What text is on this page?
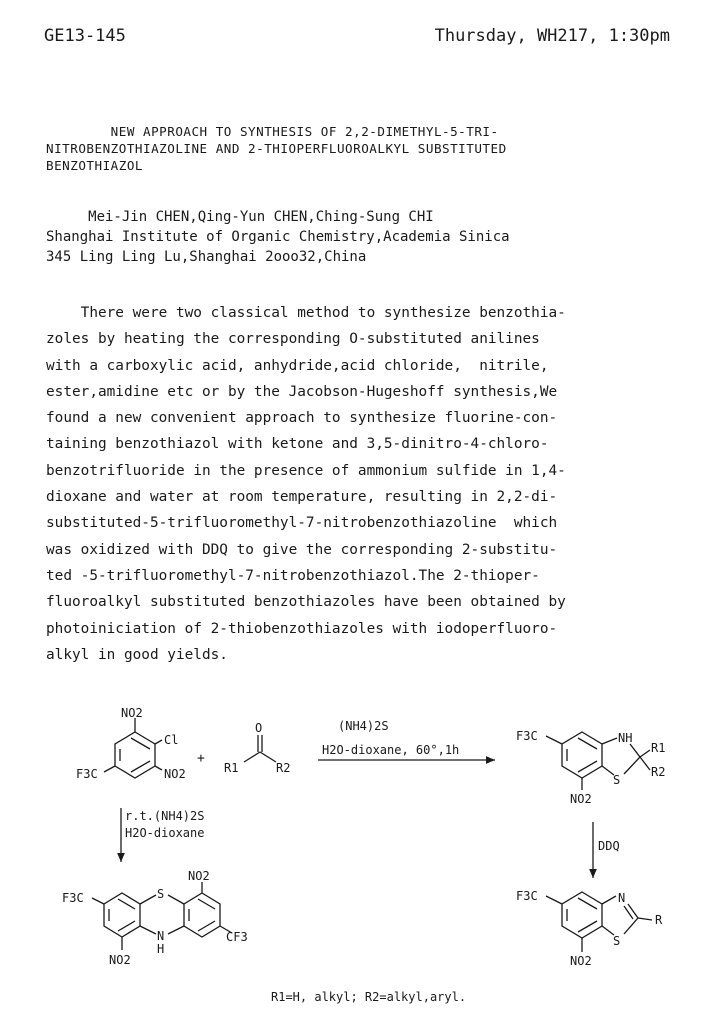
GE13-145	Thursday, WH217, 1:30pm
NEW APPROACH TO SYNTHESIS OF 2,2-DIMETHYL-5-TRI-
NITROBENZOTHIAZOLINE AND 2-THIOPERFLUOROALKYL SUBSTITUTED
BENZOTHIAZOL
Mei-Jin CHEN,Qing-Yun CHEN,Ching-Sung CHI
Shanghai Institute of Organic Chemistry,Academia Sinica
345 Ling Ling Lu,Shanghai 2ooo32,China
There were two classical method to synthesize benzothia-
zoles by heating the corresponding O-substituted anilines
with a carboxylic acid, anhydride,acid chloride,  nitrile,
ester,amidine etc or by the Jacobson-Hugeshoff synthesis,We
found a new convenient approach to synthesize fluorine-con-
taining benzothiazol with ketone and 3,5-dinitro-4-chloro-
benzotrifluoride in the presence of ammonium sulfide in 1,4-
dioxane and water at room temperature, resulting in 2,2-di-
substituted-5-trifluoromethyl-7-nitrobenzothiazoline  which
was oxidized with DDQ to give the corresponding 2-substitu-
ted -5-trifluoromethyl-7-nitrobenzothiazol.The 2-thioper-
fluoroalkyl substituted benzothiazoles have been obtained by
photoiniciation of 2-thiobenzothiazoles with iodoperfluoro-
alkyl in good yields.
NO2
Cl
NO2
F3C
+
O
R1	R2
(NH4)2S
H2O-dioxane, 60°,1h
r.t.(NH4)2S
H2O-dioxane
DDQ
F3C	NH
R1
R2
S
NO2
NO2
S
F3C
CF3
N
H
NO2
F3C	N
S
R
NO2
R1=H, alkyl; R2=alkyl,aryl.
